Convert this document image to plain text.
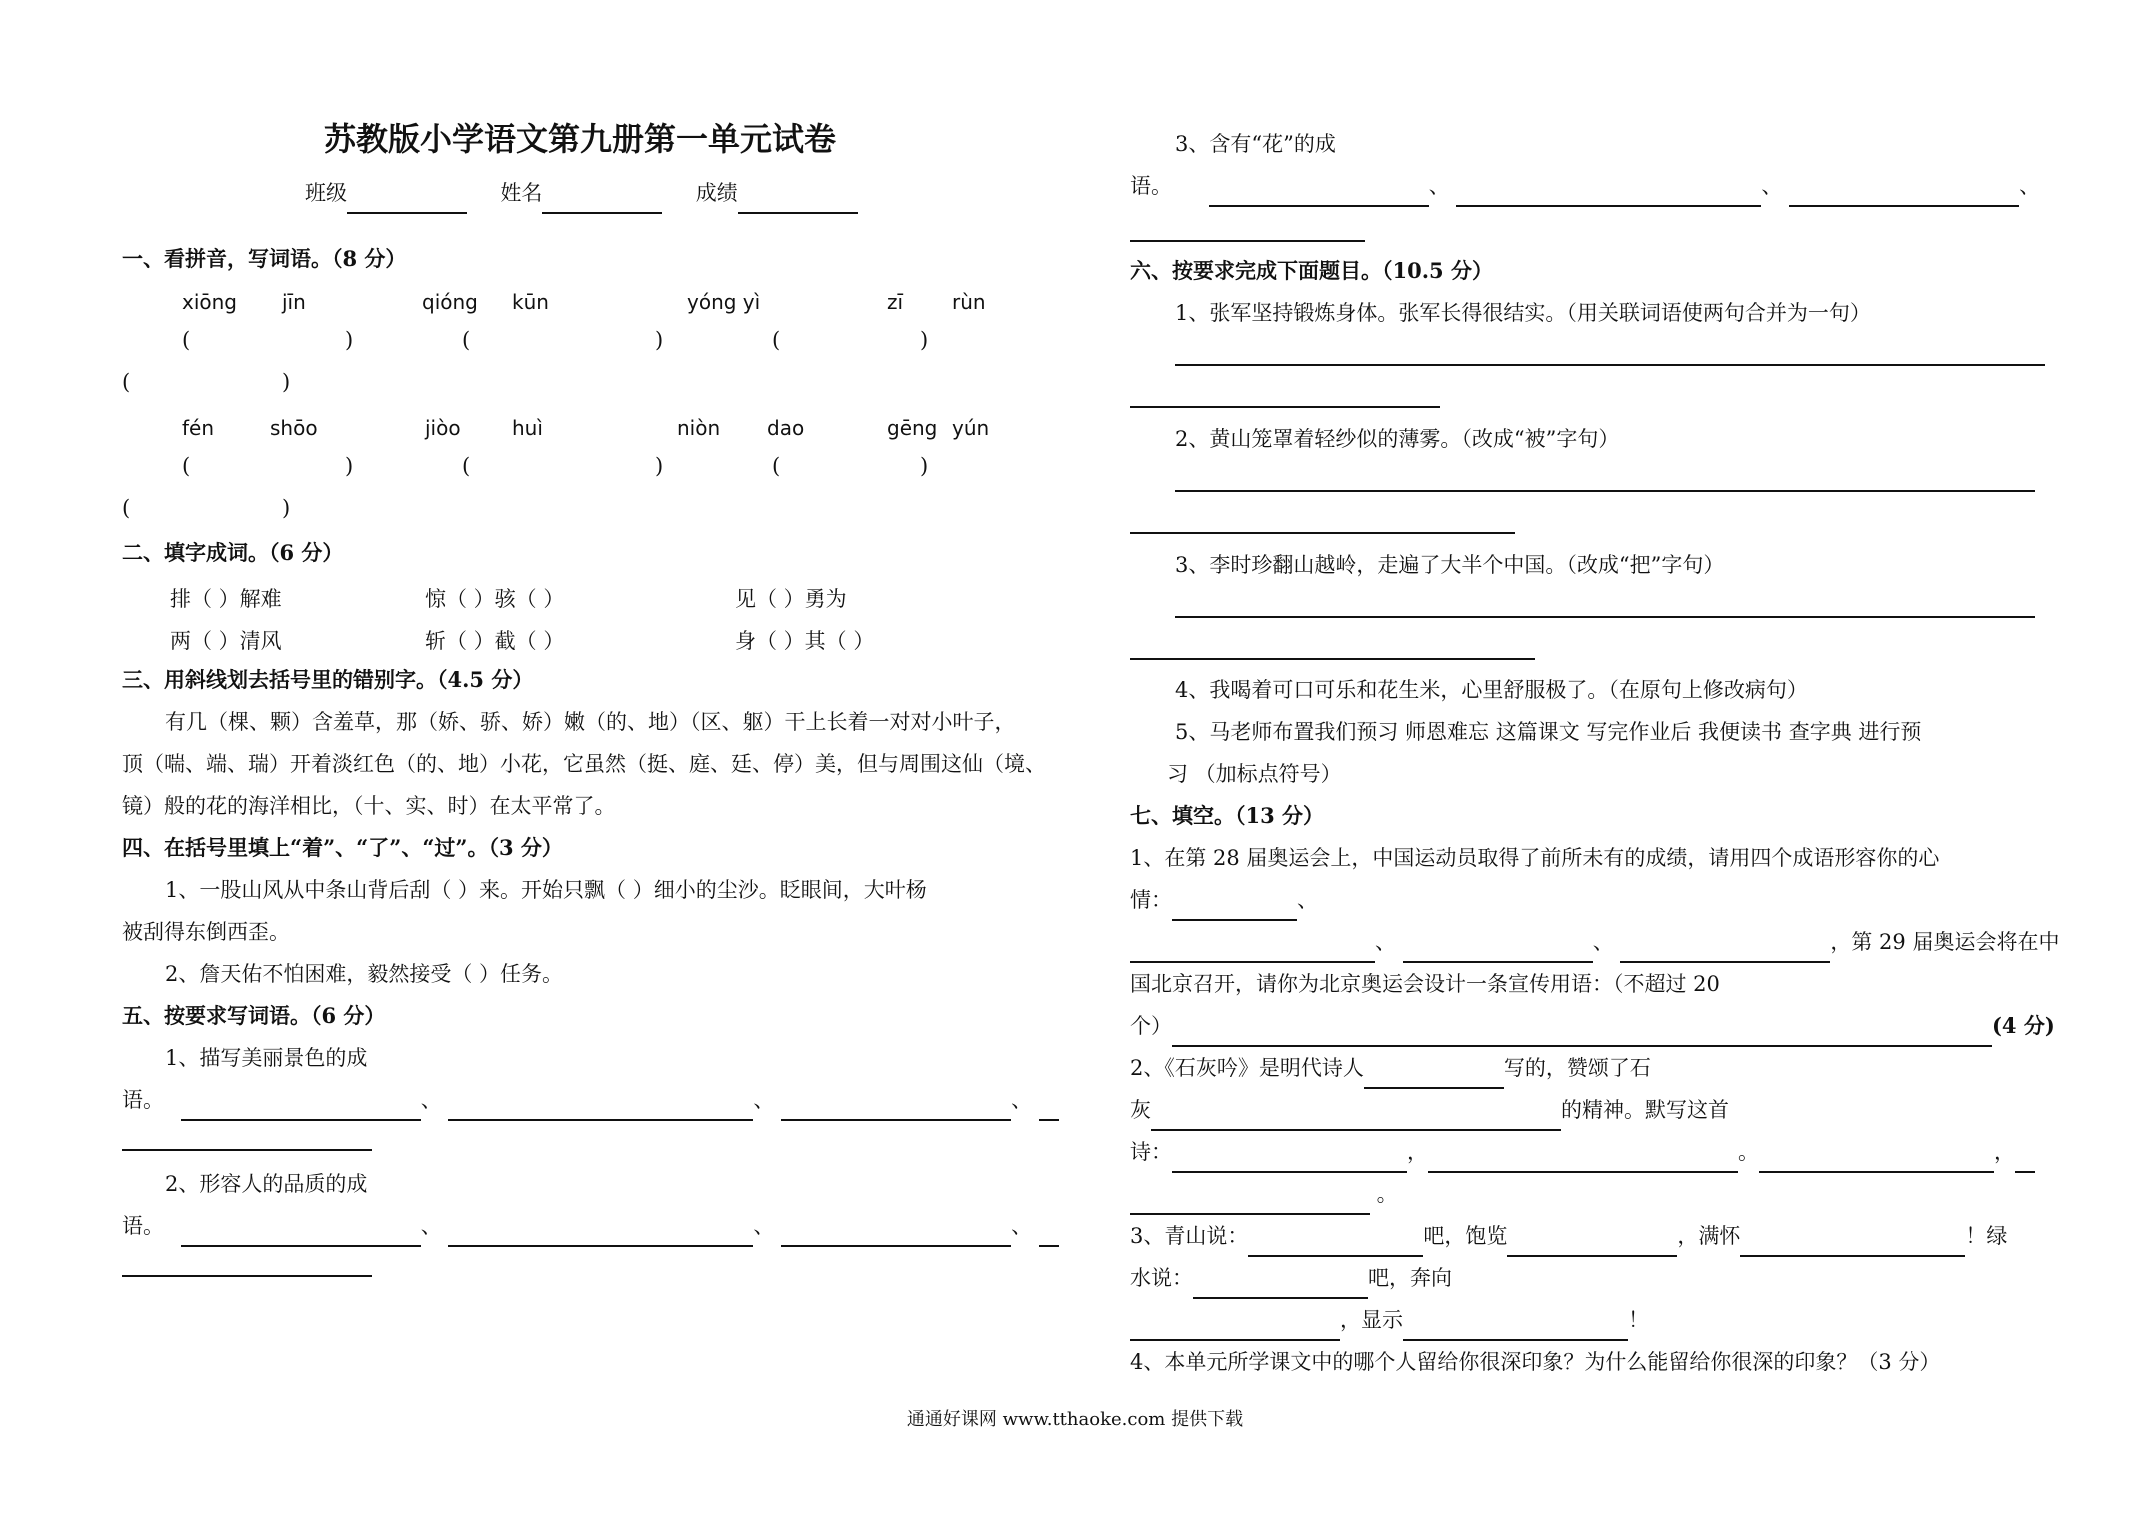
苏教版小学语文第九册第一单元试卷
班级	姓名	成绩
一、看拼音，写词语。（8 分）
xiōng jīn	qióng kūn	yóng yì	zī rùn
(	)	(	)	(	)
(	)
fén	shōo	jiòo	huì	niòn dao	gēng yún
(	)	(	)	(	)
(	)
二、填字成词。（6 分）
排（ ）解难	惊（ ）骇（ ）	见（ ）勇为
两（ ）清风	斩（ ）截（ ）	身（ ）其（ ）
三、用斜线划去括号里的错别字。（4.5 分）
有几（棵、颗）含羞草，那（娇、骄、娇）嫩（的、地）（区、躯）干上长着一对对小叶子，
顶（喘、端、瑞）开着淡红色（的、地）小花，它虽然（挺、庭、廷、停）美，但与周围这仙（境、
镜）般的花的海洋相比，（十、实、时）在太平常了。
四、在括号里填上“着”、“了”、“过”。（3 分）
1、一股山风从中条山背后刮（ ）来。开始只飘（ ）细小的尘沙。眨眼间，大叶杨
被刮得东倒西歪。
2、詹天佑不怕困难，毅然接受（ ）任务。
五、按要求写词语。（6 分）
1、描写美丽景色的成
语。	、	、	、
2、形容人的品质的成
语。	、	、	、
3、含有“花”的成
语。	、	、	、
六、按要求完成下面题目。（10.5 分）
1、张军坚持锻炼身体。张军长得很结实。（用关联词语使两句合并为一句）
2、黄山笼罩着轻纱似的薄雾。（改成“被”字句）
3、李时珍翻山越岭，走遍了大半个中国。（改成“把”字句）
4、我喝着可口可乐和花生米，心里舒服极了。（在原句上修改病句）
5、马老师布置我们预习 师恩难忘 这篇课文 写完作业后 我便读书 查字典 进行预
习 （加标点符号）
七、填空。（13 分）
1、在第 28 届奥运会上，中国运动员取得了前所未有的成绩，请用四个成语形容你的心
情：	、
、	、	，第 29 届奥运会将在中
国北京召开，请你为北京奥运会设计一条宣传用语：（不超过 20
个）	(4 分)
2、《石灰吟》是明代诗人	写的，赞颂了石
灰	的精神。默写这首
诗：	，	。	，
。
3、青山说：	吧，饱览	，满怀	！绿
水说：	吧，奔向
，显示	！
4、本单元所学课文中的哪个人留给你很深印象？为什么能留给你很深的印象？（3 分）
通通好课网 www.tthaoke.com 提供下载
